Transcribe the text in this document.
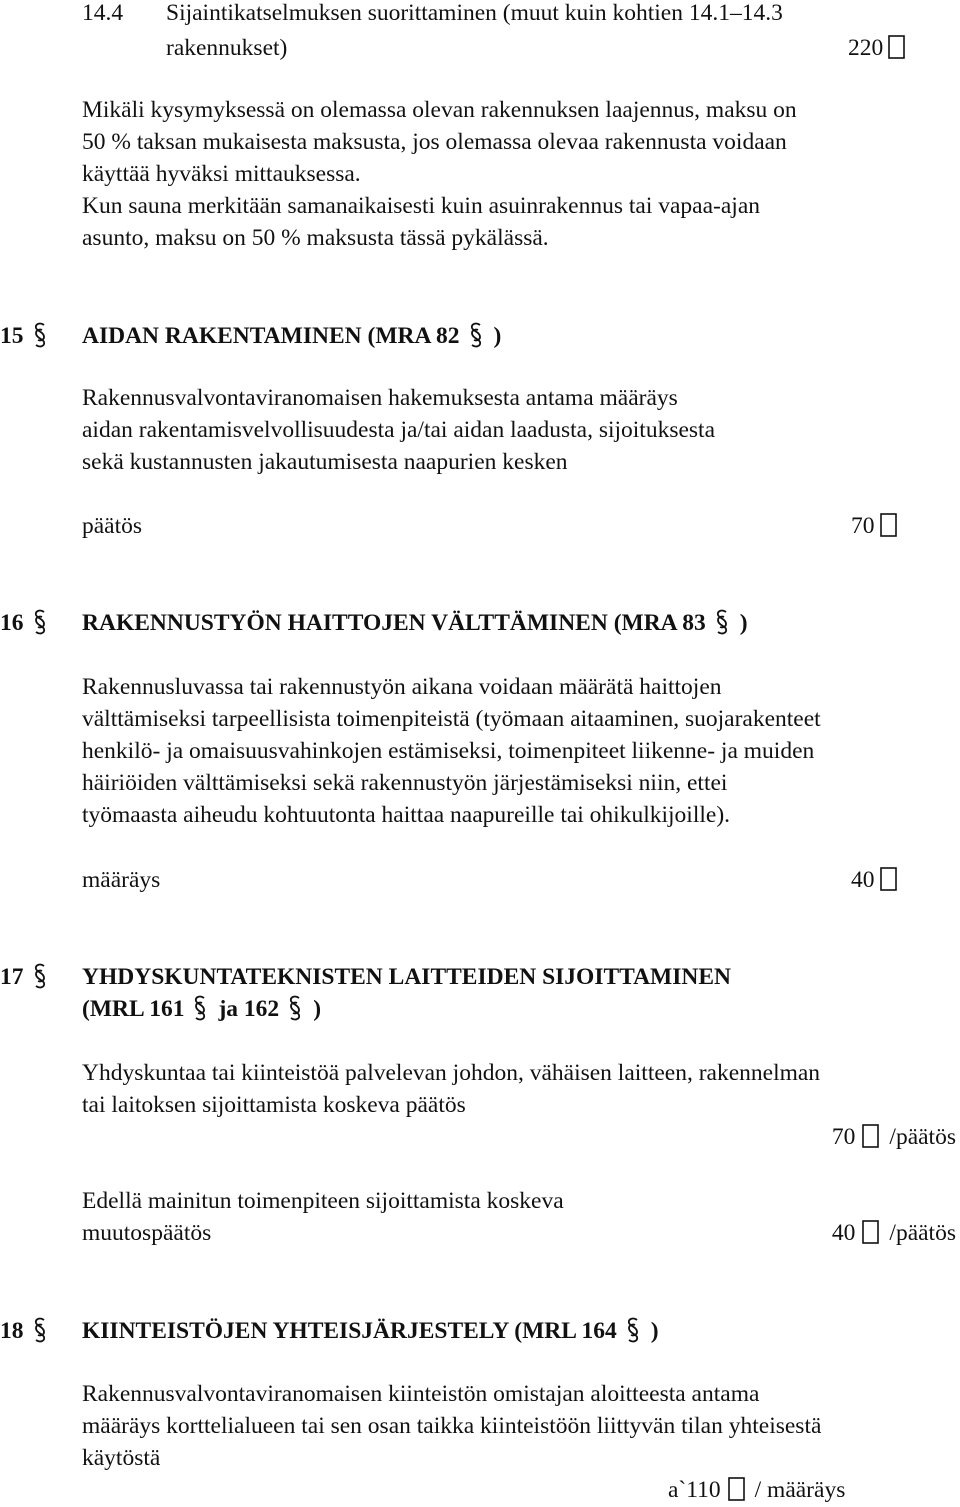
14.4 Sijaintikatselmuksen suorittaminen (muut kuin kohtien 14.1–14.3
rakennukset)	220
Mikäli kysymyksessä on olemassa olevan rakennuksen laajennus, maksu on
50 % taksan mukaisesta maksusta, jos olemassa olevaa rakennusta voidaan
käyttää hyväksi mittauksessa.
Kun sauna merkitään samanaikaisesti kuin asuinrakennus tai vapaa-ajan
asunto, maksu on 50 % maksusta tässä pykälässä.
15	AIDAN RAKENTAMINEN (MRA 82 )
Rakennusvalvontaviranomaisen hakemuksesta antama määräys
aidan rakentamisvelvollisuudesta ja/tai aidan laadusta, sijoituksesta
sekä kustannusten jakautumisesta naapurien kesken
päätös	70
16	RAKENNUSTYÖN HAITTOJEN VÄLTTÄMINEN (MRA 83 )
Rakennusluvassa tai rakennustyön aikana voidaan määrätä haittojen
välttämiseksi tarpeellisista toimenpiteistä (työmaan aitaaminen, suojarakenteet
henkilö- ja omaisuusvahinkojen estämiseksi, toimenpiteet liikenne- ja muiden
häiriöiden välttämiseksi sekä rakennustyön järjestämiseksi niin, ettei
työmaasta aiheudu kohtuutonta haittaa naapureille tai ohikulkijoille).
määräys	40
17	YHDYSKUNTATEKNISTEN LAITTEIDEN SIJOITTAMINEN
(MRL 161 ja 162 )
Yhdyskuntaa tai kiinteistöä palvelevan johdon, vähäisen laitteen, rakennelman
tai laitoksen sijoittamista koskeva päätös
70 /päätös
Edellä mainitun toimenpiteen sijoittamista koskeva
muutospäätös	40 /päätös
18	KIINTEISTÖJEN YHTEISJÄRJESTELY (MRL 164 )
Rakennusvalvontaviranomaisen kiinteistön omistajan aloitteesta antama
määräys korttelialueen tai sen osan taikka kiinteistöön liittyvän tilan yhteisestä
käytöstä
a`110 / määräys
